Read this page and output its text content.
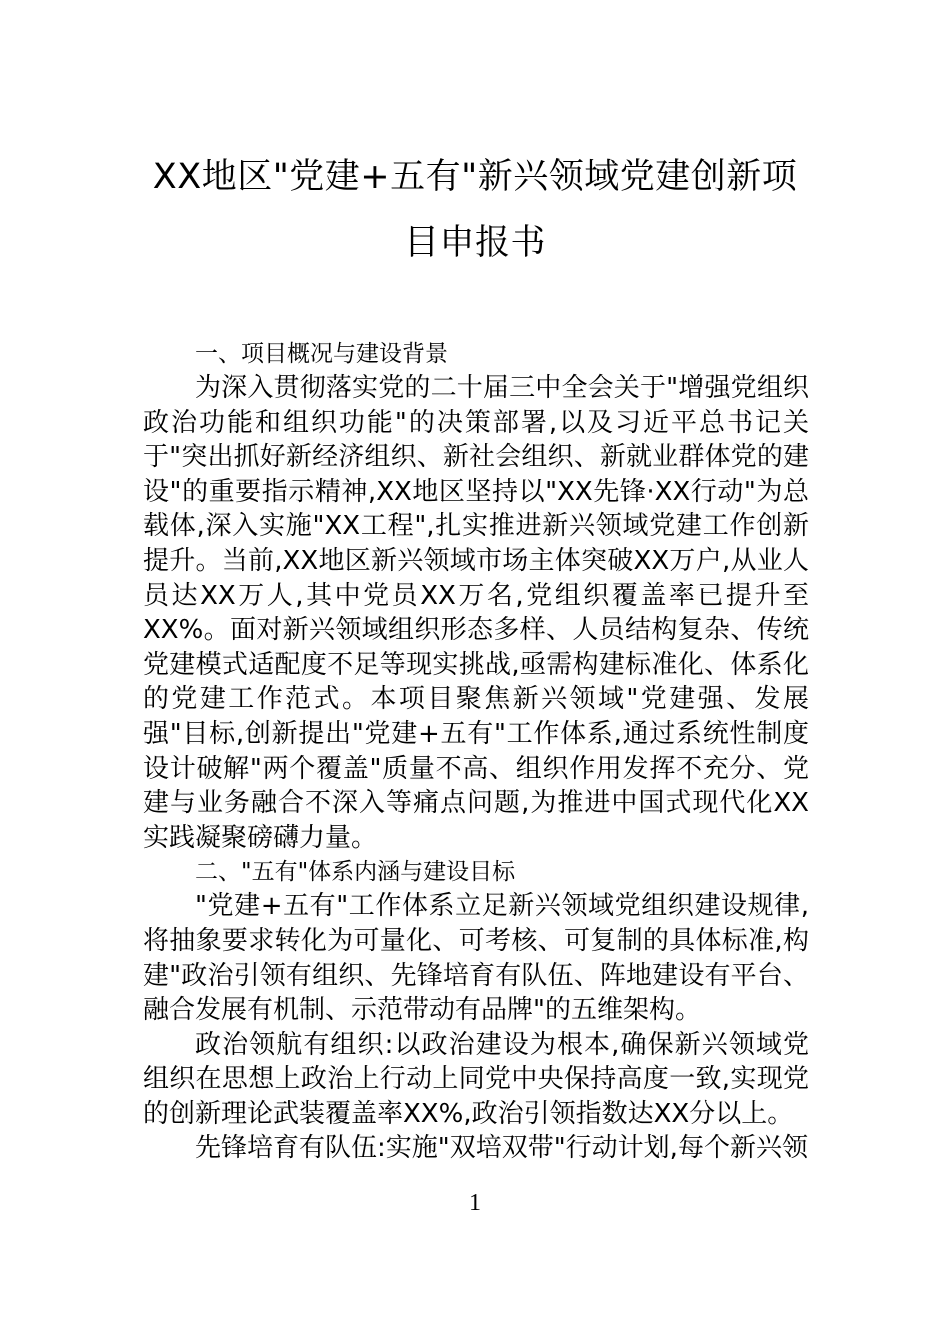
XX地区"党建+五有"新兴领域党建创新项目申报书

一、项目概况与建设背景

为深入贯彻落实党的二十届三中全会关于"增强党组织政治功能和组织功能"的决策部署,以及习近平总书记关于"突出抓好新经济组织、新社会组织、新就业群体党的建设"的重要指示精神,XX地区坚持以"XX先锋·XX行动"为总载体,深入实施"XX工程",扎实推进新兴领域党建工作创新提升。当前,XX地区新兴领域市场主体突破XX万户,从业人员达XX万人,其中党员XX万名,党组织覆盖率已提升至XX%。面对新兴领域组织形态多样、人员结构复杂、传统党建模式适配度不足等现实挑战,亟需构建标准化、体系化的党建工作范式。本项目聚焦新兴领域"党建强、发展强"目标,创新提出"党建+五有"工作体系,通过系统性制度设计破解"两个覆盖"质量不高、组织作用发挥不充分、党建与业务融合不深入等痛点问题,为推进中国式现代化XX实践凝聚磅礴力量。

二、"五有"体系内涵与建设目标

"党建+五有"工作体系立足新兴领域党组织建设规律,将抽象要求转化为可量化、可考核、可复制的具体标准,构建"政治引领有组织、先锋培育有队伍、阵地建设有平台、融合发展有机制、示范带动有品牌"的五维架构。

政治领航有组织:以政治建设为根本,确保新兴领域党组织在思想上政治上行动上同党中央保持高度一致,实现党的创新理论武装覆盖率XX%,政治引领指数达XX分以上。

先锋培育有队伍:实施"双培双带"行动计划,每个新兴领

1
